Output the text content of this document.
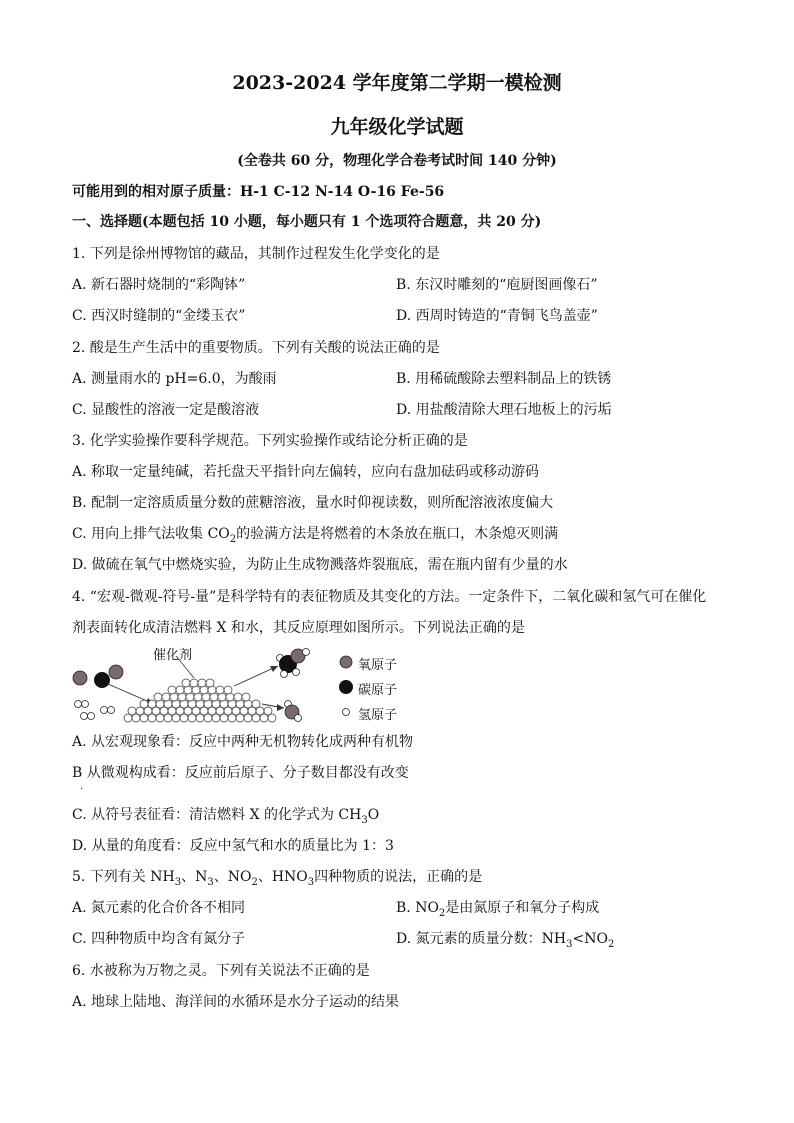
2023-2024 学年度第二学期一模检测
九年级化学试题
(全卷共 60 分，物理化学合卷考试时间 140 分钟)
可能用到的相对原子质量：H-1 C-12 N-14 O-16 Fe-56
一、选择题(本题包括 10 小题，每小题只有 1 个选项符合题意，共 20 分)
1. 下列是徐州博物馆的藏品，其制作过程发生化学变化的是
A. 新石器时烧制的“彩陶钵”	B. 东汉时雕刻的“庖厨图画像石”
C. 西汉时缝制的“金缕玉衣”	D. 西周时铸造的“青铜飞鸟盖壶”
2. 酸是生产生活中的重要物质。下列有关酸的说法正确的是
A. 测量雨水的 pH=6.0，为酸雨	B. 用稀硫酸除去塑料制品上的铁锈
C. 显酸性的溶液一定是酸溶液	D. 用盐酸清除大理石地板上的污垢
3. 化学实验操作要科学规范。下列实验操作或结论分析正确的是
A. 称取一定量纯碱，若托盘天平指针向左偏转，应向右盘加砝码或移动游码
B. 配制一定溶质质量分数的蔗糖溶液，量水时仰视读数，则所配溶液浓度偏大
C. 用向上排气法收集 $CO_2$的验满方法是将燃着的木条放在瓶口，木条熄灭则满
D. 做硫在氧气中燃烧实验，为防止生成物溅落炸裂瓶底，需在瓶内留有少量的水
4. “宏观-微观-符号-量”是科学特有的表征物质及其变化的方法。一定条件下，二氧化碳和氢气可在催化
剂表面转化成清洁燃料 X 和水，其反应原理如图所示。下列说法正确的是
催化剂
氧原子
碳原子
氢原子
A. 从宏观现象看：反应中两种无机物转化成两种有机物
B 从微观构成看：反应前后原子、分子数目都没有改变
·
C. 从符号表征看：清洁燃料 X 的化学式为 $CH_3O$
D. 从量的角度看：反应中氢气和水的质量比为 1：3
5. 下列有关 $NH_3$、$N_3$、$NO_2$、$HNO_3$四种物质的说法，正确的是
A. 氮元素的化合价各不相同	B. $NO_2$是由氮原子和氧分子构成
C. 四种物质中均含有氮分子	D. 氮元素的质量分数：$NH_3<NO_2$
6. 水被称为万物之灵。下列有关说法不正确的是
A. 地球上陆地、海洋间的水循环是水分子运动的结果
